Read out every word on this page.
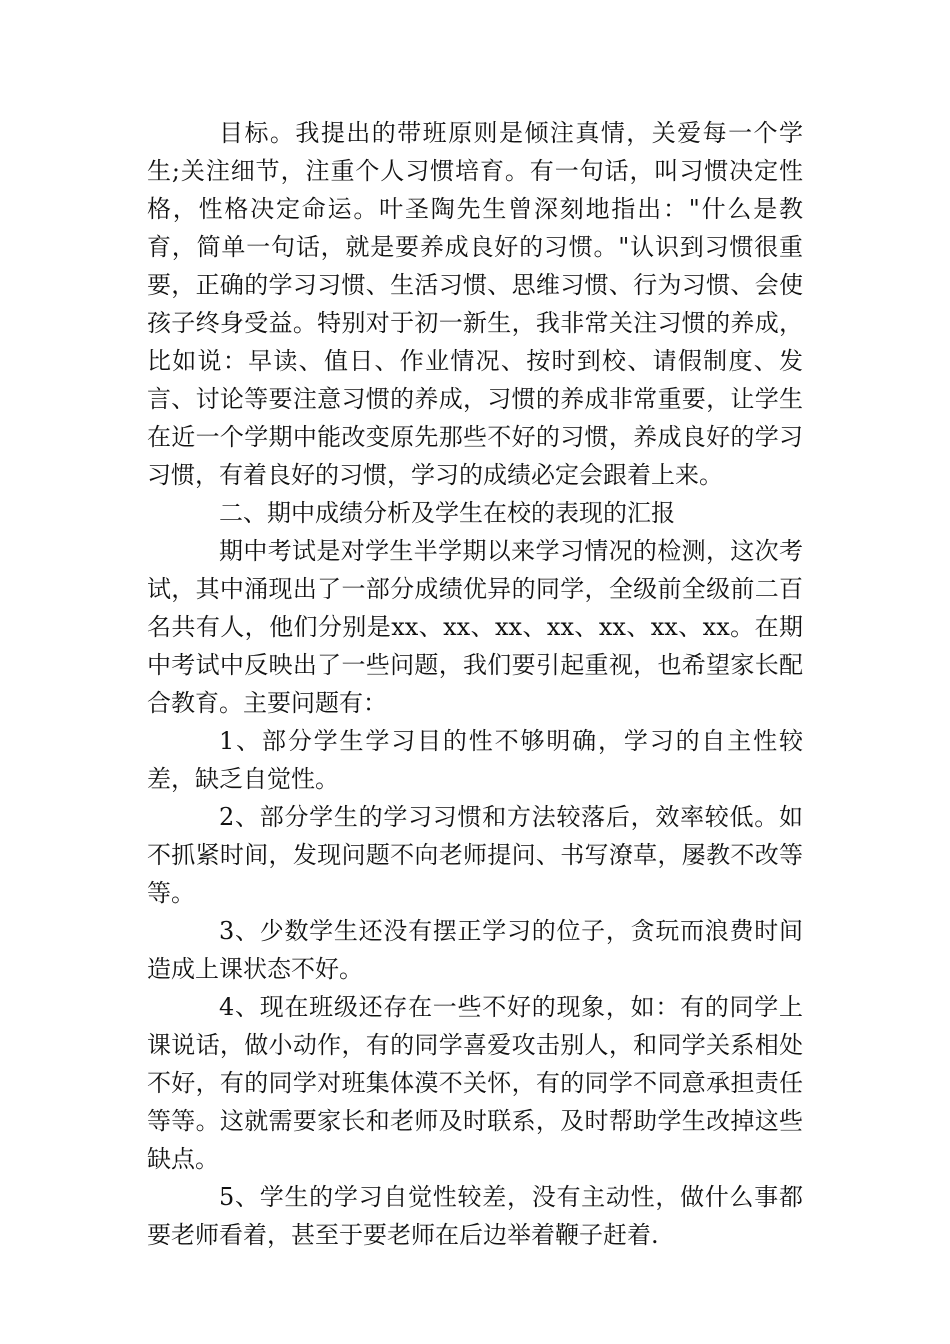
目标。我提出的带班原则是倾注真情，关爱每一个学生;关注细节，注重个人习惯培育。有一句话，叫习惯决定性格，性格决定命运。叶圣陶先生曾深刻地指出："什么是教育，简单一句话，就是要养成良好的习惯。"认识到习惯很重要，正确的学习习惯、生活习惯、思维习惯、行为习惯、会使孩子终身受益。特别对于初一新生，我非常关注习惯的养成，比如说：早读、值日、作业情况、按时到校、请假制度、发言、讨论等要注意习惯的养成，习惯的养成非常重要，让学生在近一个学期中能改变原先那些不好的习惯，养成良好的学习习惯，有着良好的习惯，学习的成绩必定会跟着上来。

二、期中成绩分析及学生在校的表现的汇报

期中考试是对学生半学期以来学习情况的检测，这次考试，其中涌现出了一部分成绩优异的同学，全级前全级前二百名共有人，他们分别是xx、xx、xx、xx、xx、xx、xx。在期中考试中反映出了一些问题，我们要引起重视，也希望家长配合教育。主要问题有：

1、部分学生学习目的性不够明确，学习的自主性较差，缺乏自觉性。

2、部分学生的学习习惯和方法较落后，效率较低。如不抓紧时间，发现问题不向老师提问、书写潦草，屡教不改等等。

3、少数学生还没有摆正学习的位子，贪玩而浪费时间造成上课状态不好。

4、现在班级还存在一些不好的现象，如：有的同学上课说话，做小动作，有的同学喜爱攻击别人，和同学关系相处不好，有的同学对班集体漠不关怀，有的同学不同意承担责任等等。这就需要家长和老师及时联系，及时帮助学生改掉这些缺点。

5、学生的学习自觉性较差，没有主动性，做什么事都要老师看着，甚至于要老师在后边举着鞭子赶着.
